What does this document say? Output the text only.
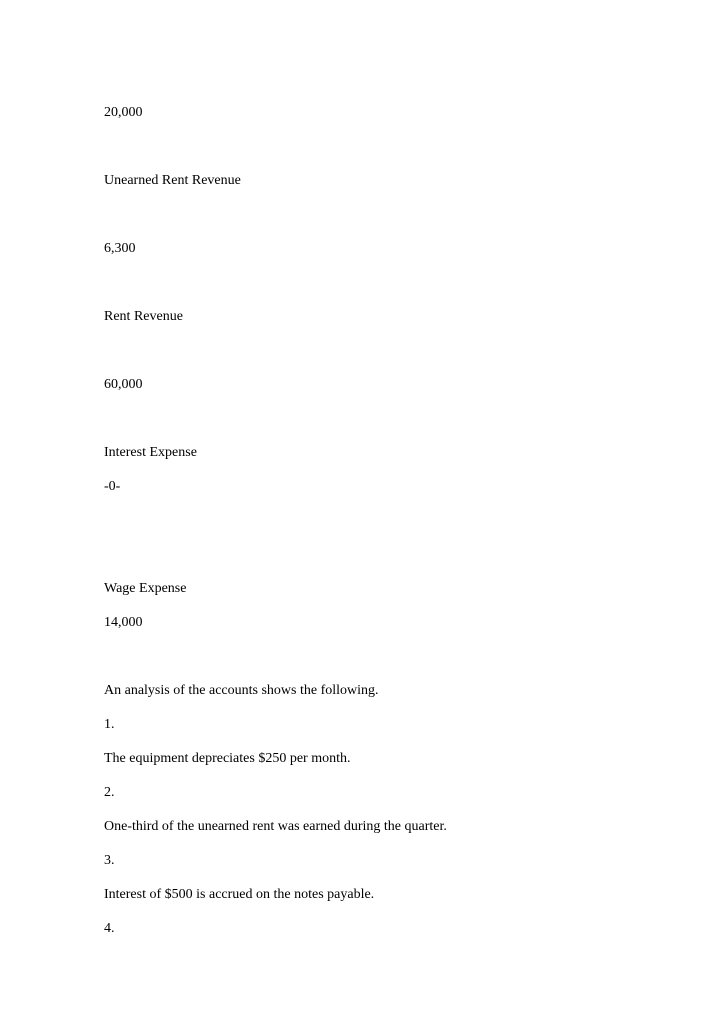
20,000
Unearned Rent Revenue
6,300
Rent Revenue
60,000
Interest Expense
-0-
Wage Expense
14,000
An analysis of the accounts shows the following.
1.
The equipment depreciates $250 per month.
2.
One-third of the unearned rent was earned during the quarter.
3.
Interest of $500 is accrued on the notes payable.
4.
